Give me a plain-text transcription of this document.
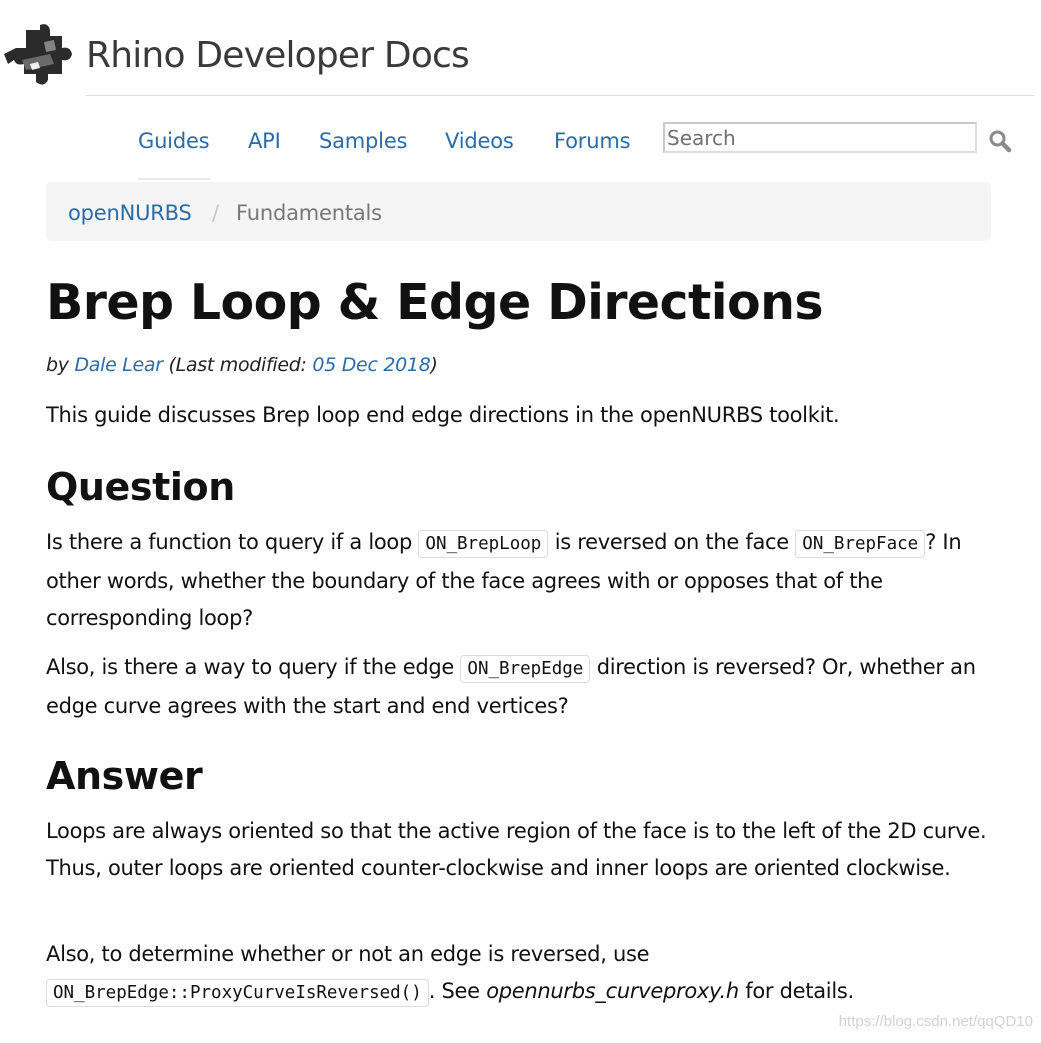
Rhino Developer Docs
Guides API Samples Videos Forums
Search
openNURBS / Fundamentals
Brep Loop & Edge Directions
by Dale Lear (Last modified: 05 Dec 2018)

This guide discusses Brep loop end edge directions in the openNURBS toolkit.

Question

Is there a function to query if a loop ON_BrepLoop is reversed on the face ON_BrepFace ? In other words, whether the boundary of the face agrees with or opposes that of the corresponding loop?

Also, is there a way to query if the edge ON_BrepEdge direction is reversed? Or, whether an edge curve agrees with the start and end vertices?

Answer

Loops are always oriented so that the active region of the face is to the left of the 2D curve. Thus, outer loops are oriented counter-clockwise and inner loops are oriented clockwise.

Also, to determine whether or not an edge is reversed, use ON_BrepEdge::ProxyCurveIsReversed() . See opennurbs_curveproxy.h for details.

https://blog.csdn.net/qqQD10
